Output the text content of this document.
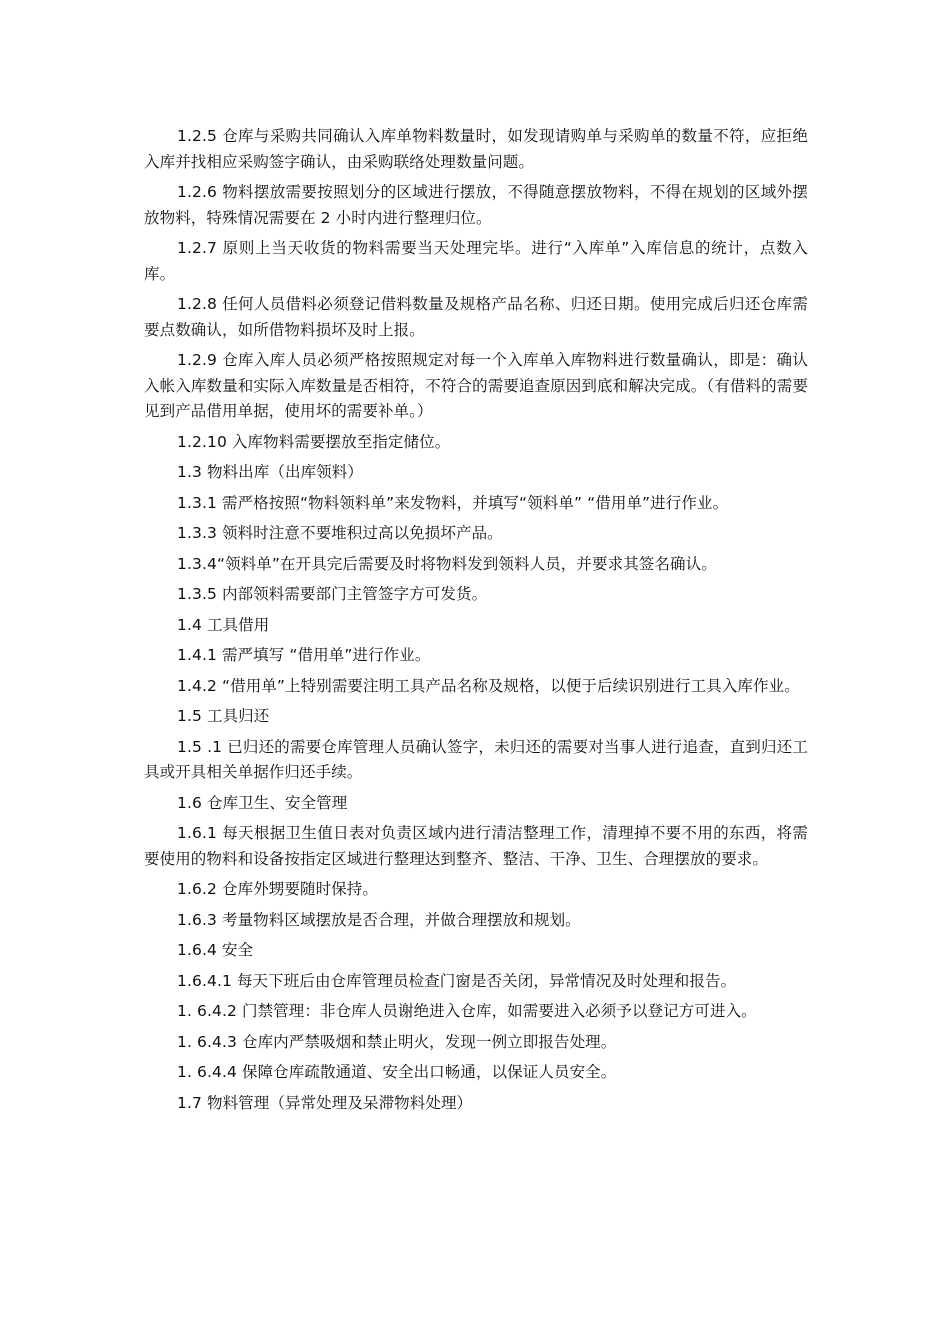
1.2.5 仓库与采购共同确认入库单物料数量时，如发现请购单与采购单的数量不符，应拒绝入库并找相应采购签字确认，由采购联络处理数量问题。

1.2.6 物料摆放需要按照划分的区域进行摆放，不得随意摆放物料，不得在规划的区域外摆放物料，特殊情况需要在 2 小时内进行整理归位。

1.2.7 原则上当天收货的物料需要当天处理完毕。进行“入库单”入库信息的统计，点数入库。

1.2.8 任何人员借料必须登记借料数量及规格产品名称、归还日期。使用完成后归还仓库需要点数确认，如所借物料损坏及时上报。

1.2.9 仓库入库人员必须严格按照规定对每一个入库单入库物料进行数量确认，即是：确认入帐入库数量和实际入库数量是否相符，不符合的需要追查原因到底和解决完成。（有借料的需要见到产品借用单据，使用坏的需要补单。）

1.2.10 入库物料需要摆放至指定储位。

1.3 物料出库（出库领料）

1.3.1 需严格按照“物料领料单”来发物料，并填写“领料单” “借用单”进行作业。

1.3.3 领料时注意不要堆积过高以免损坏产品。

1.3.4“领料单”在开具完后需要及时将物料发到领料人员，并要求其签名确认。

1.3.5 内部领料需要部门主管签字方可发货。

1.4 工具借用

1.4.1 需严填写 “借用单”进行作业。

1.4.2 “借用单”上特别需要注明工具产品名称及规格，以便于后续识别进行工具入库作业。

1.5 工具归还

1.5 .1 已归还的需要仓库管理人员确认签字，未归还的需要对当事人进行追查，直到归还工具或开具相关单据作归还手续。

1.6 仓库卫生、安全管理

1.6.1 每天根据卫生值日表对负责区域内进行清洁整理工作，清理掉不要不用的东西，将需要使用的物料和设备按指定区域进行整理达到整齐、整洁、干净、卫生、合理摆放的要求。

1.6.2 仓库外甥要随时保持。

1.6.3 考量物料区域摆放是否合理，并做合理摆放和规划。

1.6.4 安全

1.6.4.1 每天下班后由仓库管理员检查门窗是否关闭，异常情况及时处理和报告。

1. 6.4.2 门禁管理：非仓库人员谢绝进入仓库，如需要进入必须予以登记方可进入。

1. 6.4.3 仓库内严禁吸烟和禁止明火，发现一例立即报告处理。

1. 6.4.4 保障仓库疏散通道、安全出口畅通，以保证人员安全。

1.7 物料管理（异常处理及呆滞物料处理）
